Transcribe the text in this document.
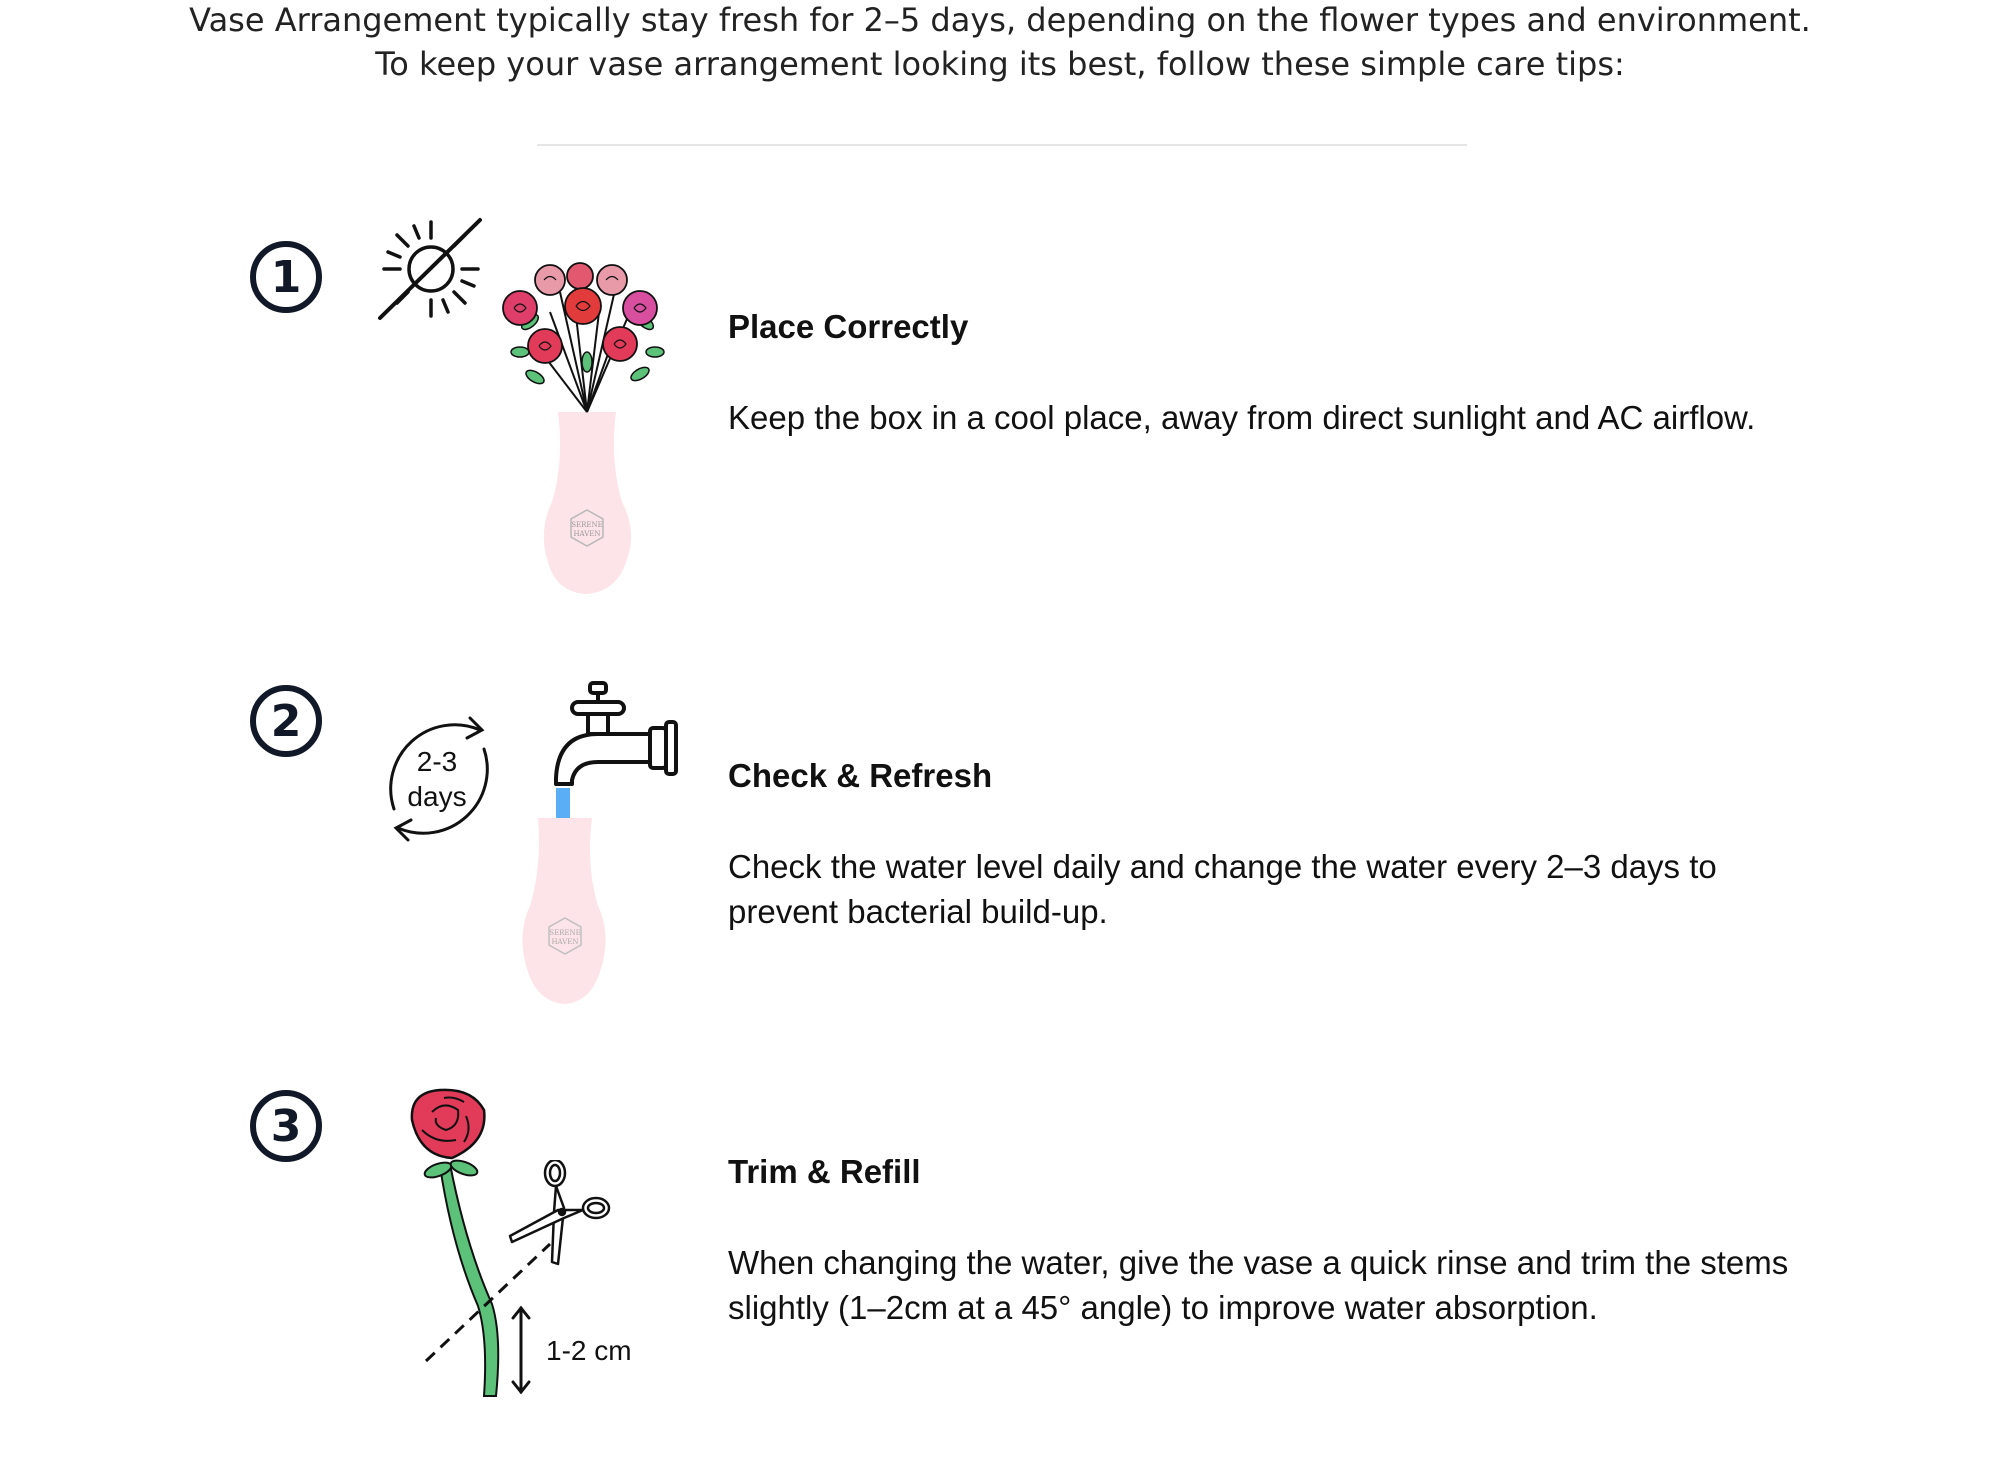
Vase Arrangement typically stay fresh for 2–5 days, depending on the flower types and environment.
To keep your vase arrangement looking its best, follow these simple care tips:
1
SERENE
HAVEN
Place Correctly
Keep the box in a cool place, away from direct sunlight and AC airflow.
2
2-3
days
SERENE
HAVEN
Check & Refresh
Check the water level daily and change the water every 2–3 days to prevent bacterial build-up.
3
1-2 cm
Trim & Refill
When changing the water, give the vase a quick rinse and trim the stems slightly (1–2cm at a 45° angle) to improve water absorption.
